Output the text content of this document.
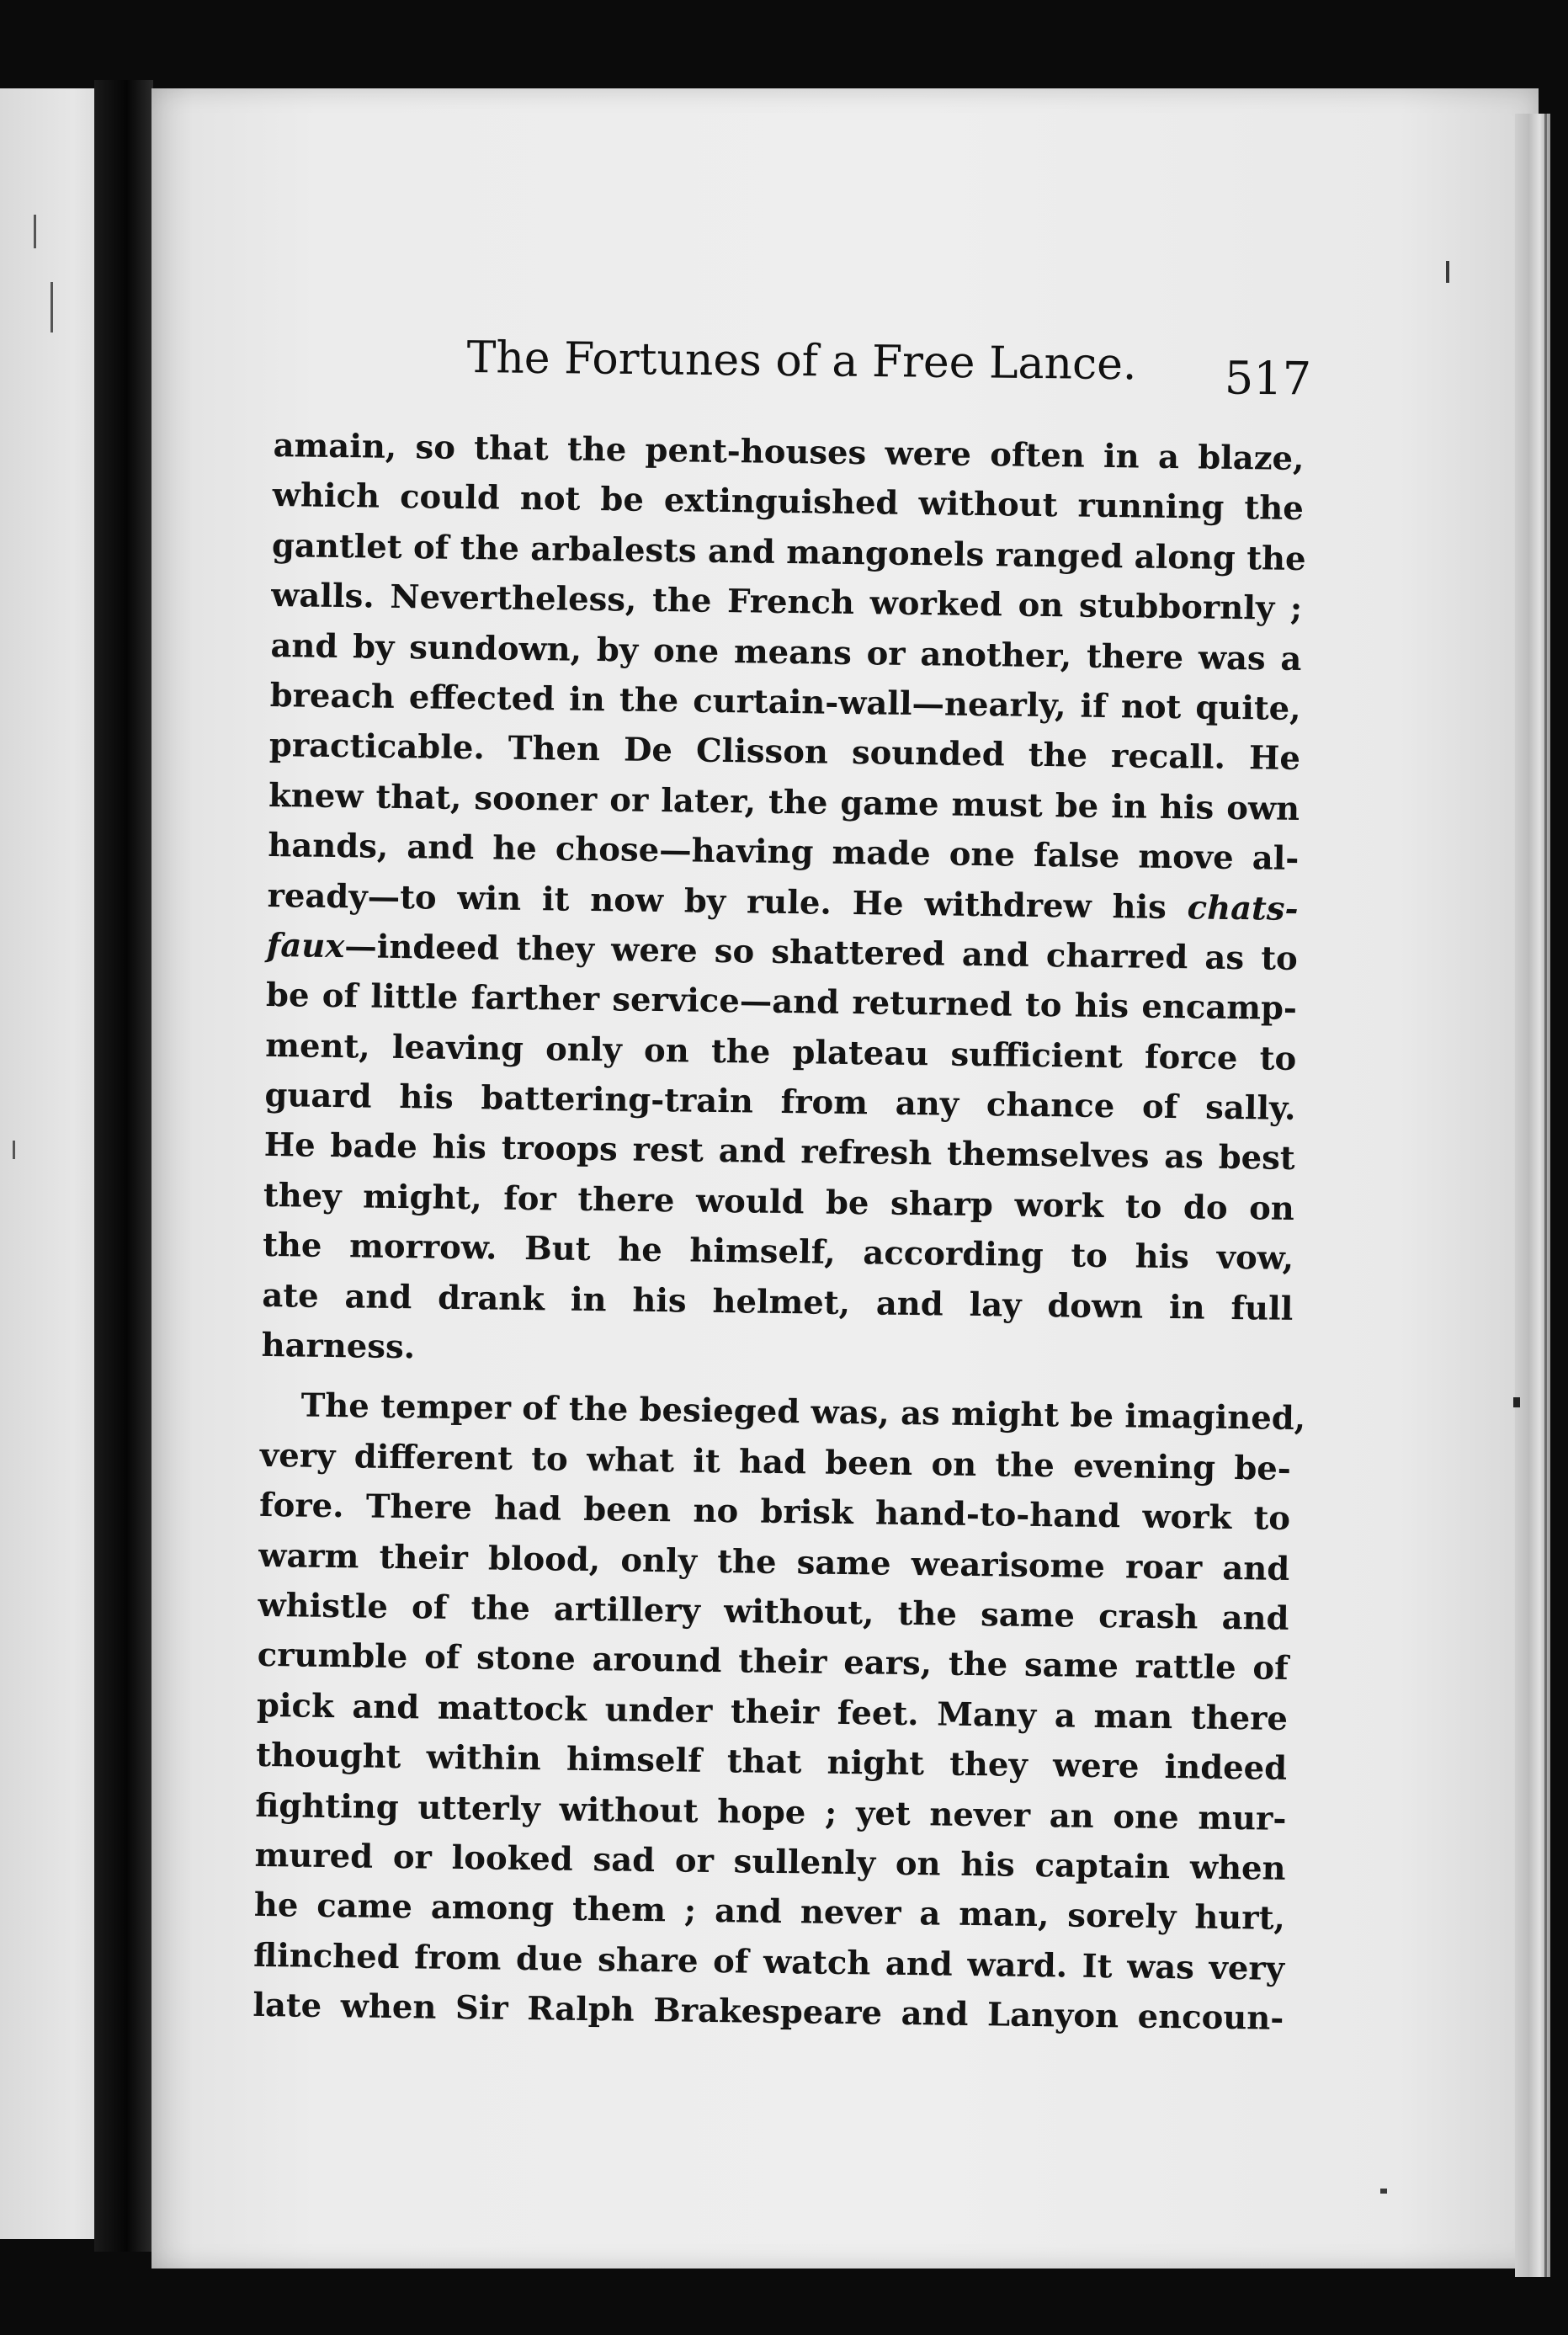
The Fortunes of a Free Lance.	517
amain, so that the pent-houses were often in a blaze,
which could not be extinguished without running the
gantlet of the arbalests and mangonels ranged along the
walls. Nevertheless, the French worked on stubbornly ;
and by sundown, by one means or another, there was a
breach effected in the curtain-wall—nearly, if not quite,
practicable. Then De Clisson sounded the recall. He
knew that, sooner or later, the game must be in his own
hands, and he chose—having made one false move al-
ready—to win it now by rule. He withdrew his chats-
faux—indeed they were so shattered and charred as to
be of little farther service—and returned to his encamp-
ment, leaving only on the plateau sufficient force to
guard his battering-train from any chance of sally.
He bade his troops rest and refresh themselves as best
they might, for there would be sharp work to do on
the morrow. But he himself, according to his vow,
ate and drank in his helmet, and lay down in full
harness.
The temper of the besieged was, as might be imagined,
very different to what it had been on the evening be-
fore. There had been no brisk hand-to-hand work to
warm their blood, only the same wearisome roar and
whistle of the artillery without, the same crash and
crumble of stone around their ears, the same rattle of
pick and mattock under their feet. Many a man there
thought within himself that night they were indeed
fighting utterly without hope ; yet never an one mur-
mured or looked sad or sullenly on his captain when
he came among them ; and never a man, sorely hurt,
flinched from due share of watch and ward. It was very
late when Sir Ralph Brakespeare and Lanyon encoun-
